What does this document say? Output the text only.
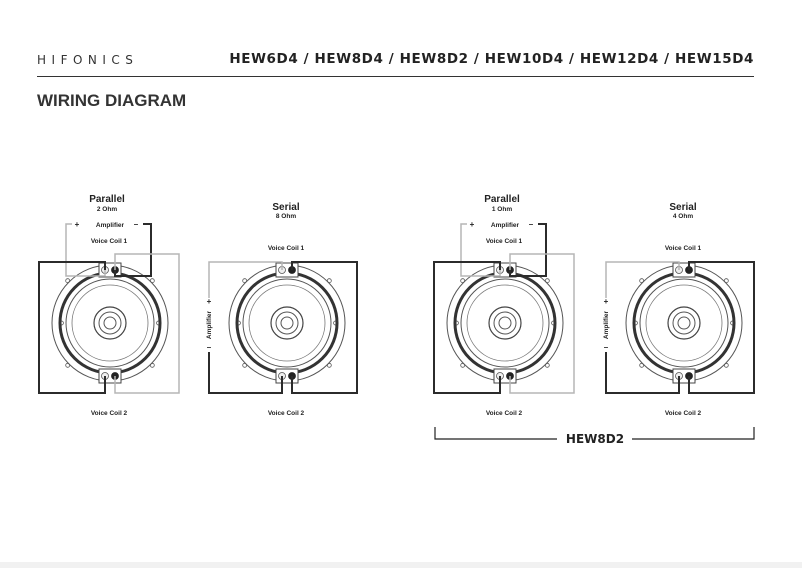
HIFONICS	HEW6D4 / HEW8D4 / HEW8D2 / HEW10D4 / HEW12D4 / HEW15D4
WIRING DIAGRAM
Parallel
2 Ohm
+	Amplifier –
Voice Coil 1
Voice Coil 2
Serial
8 Ohm
Voice Coil 1
+
Amplifier
–
Voice Coil 2
Parallel
1 Ohm
+	Amplifier –
Voice Coil 1
Voice Coil 2
Serial
4 Ohm
Voice Coil 1
+
Amplifier
–
Voice Coil 2
HEW8D2
